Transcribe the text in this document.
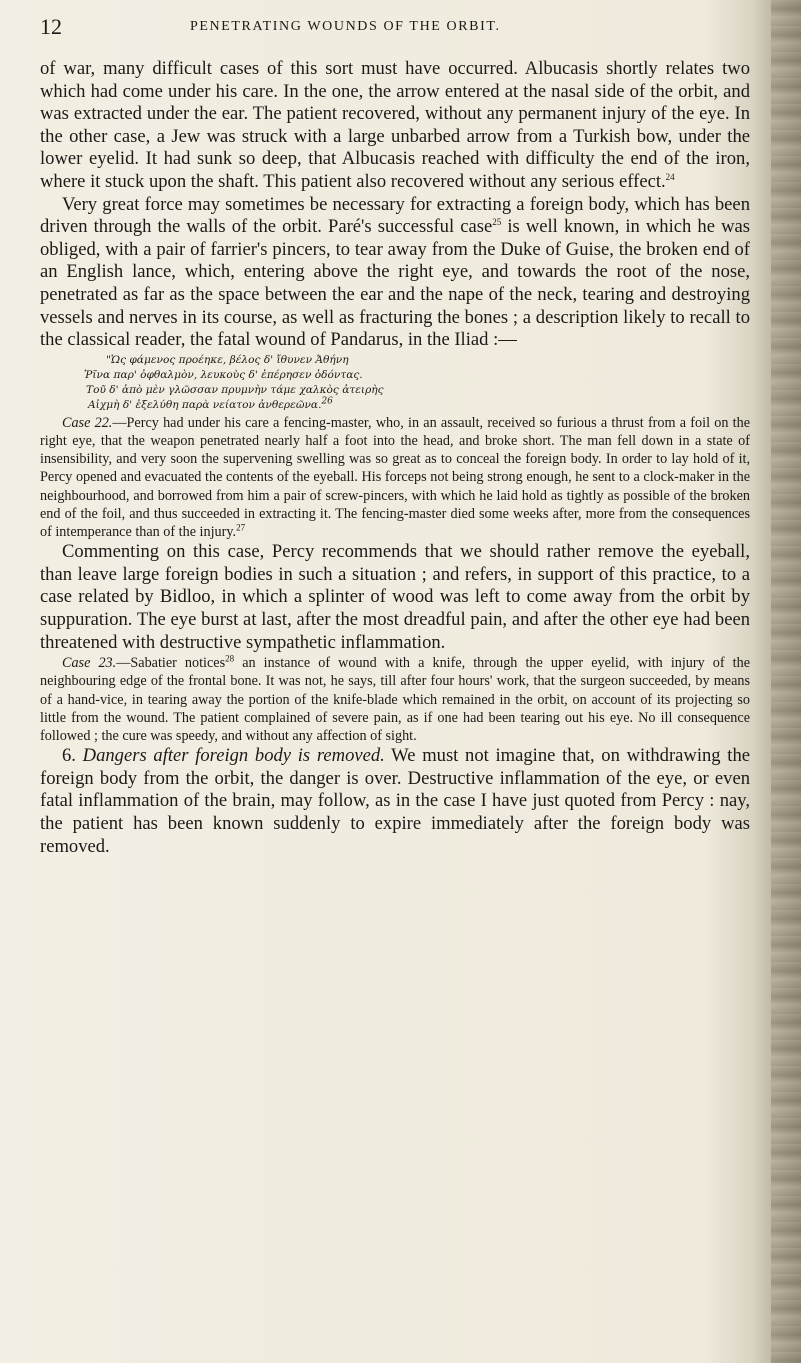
12	PENETRATING WOUNDS OF THE ORBIT.

of war, many difficult cases of this sort must have occurred. Albucasis shortly relates two which had come under his care. In the one, the arrow entered at the nasal side of the orbit, and was extracted under the ear. The patient recovered, without any permanent injury of the eye. In the other case, a Jew was struck with a large unbarbed arrow from a Turkish bow, under the lower eyelid. It had sunk so deep, that Albucasis reached with difficulty the end of the iron, where it stuck upon the shaft. This patient also recovered without any serious effect.$^{24}$

Very great force may sometimes be necessary for extracting a foreign body, which has been driven through the walls of the orbit. Paré's successful case$^{25}$ is well known, in which he was obliged, with a pair of farrier's pincers, to tear away from the Duke of Guise, the broken end of an English lance, which, entering above the right eye, and towards the root of the nose, penetrated as far as the space between the ear and the nape of the neck, tearing and destroying vessels and nerves in its course, as well as fracturing the bones ; a description likely to recall to the classical reader, the fatal wound of Pandarus, in the Iliad :—

"Ὡς φάμενος προέηκε, βέλος δ' ἴθυνεν Ἀθήνη
Ῥῖνα παρ' ὀφθαλμὸν, λευκοὺς δ' ἐπέρησεν ὀδόντας.
Τοῦ δ' ἀπὸ μὲν γλῶσσαν πρυμνὴν τάμε χαλκὸς ἀτειρὴς
Αἰχμὴ δ' ἐξελύθη παρὰ νείατον ἀνθερεῶνα.$^{26}$

Case 22.—Percy had under his care a fencing-master, who, in an assault, received so furious a thrust from a foil on the right eye, that the weapon penetrated nearly half a foot into the head, and broke short. The man fell down in a state of insensibility, and very soon the supervening swelling was so great as to conceal the foreign body. In order to lay hold of it, Percy opened and evacuated the contents of the eyeball. His forceps not being strong enough, he sent to a clock-maker in the neighbourhood, and borrowed from him a pair of screw-pincers, with which he laid hold as tightly as possible of the broken end of the foil, and thus succeeded in extracting it. The fencing-master died some weeks after, more from the consequences of intemperance than of the injury.$^{27}$

Commenting on this case, Percy recommends that we should rather remove the eyeball, than leave large foreign bodies in such a situation ; and refers, in support of this practice, to a case related by Bidloo, in which a splinter of wood was left to come away from the orbit by suppuration. The eye burst at last, after the most dreadful pain, and after the other eye had been threatened with destructive sympathetic inflammation.

Case 23.—Sabatier notices$^{28}$ an instance of wound with a knife, through the upper eyelid, with injury of the neighbouring edge of the frontal bone. It was not, he says, till after four hours' work, that the surgeon succeeded, by means of a hand-vice, in tearing away the portion of the knife-blade which remained in the orbit, on account of its projecting so little from the wound. The patient complained of severe pain, as if one had been tearing out his eye. No ill consequence followed ; the cure was speedy, and without any affection of sight.

6. Dangers after foreign body is removed. We must not imagine that, on withdrawing the foreign body from the orbit, the danger is over. Destructive inflammation of the eye, or even fatal inflammation of the brain, may follow, as in the case I have just quoted from Percy : nay, the patient has been known suddenly to expire immediately after the foreign body was removed.
